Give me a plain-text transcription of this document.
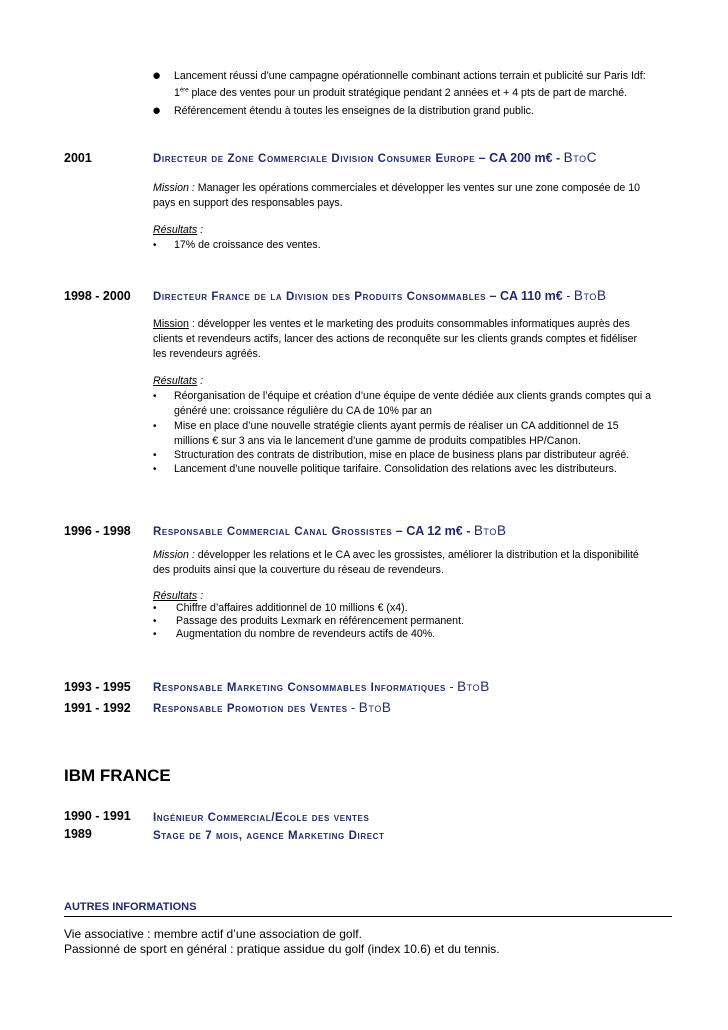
● Lancement réussi d’une campagne opérationnelle combinant actions terrain et publicité sur Paris Idf:
1ère place des ventes pour un produit stratégique pendant 2 années et + 4 pts de part de marché.
● Référencement étendu à toutes les enseignes de la distribution grand public.
2001	Directeur de Zone Commerciale Division Consumer Europe – CA 200 m€ - BtoC
Mission : Manager les opérations commerciales et développer les ventes sur une zone composée de 10
pays en support des responsables pays.
Résultats :
• 17% de croissance des ventes.
1998 - 2000 Directeur France de la Division des Produits Consommables – CA 110 m€ - BtoB
Mission : développer les ventes et le marketing des produits consommables informatiques auprès des
clients et revendeurs actifs, lancer des actions de reconquête sur les clients grands comptes et fidéliser
les revendeurs agréés.
Résultats :
• Réorganisation de l’équipe et création d’une équipe de vente dédiée aux clients grands comptes qui a
généré une: croissance régulière du CA de 10% par an
• Mise en place d’une nouvelle stratégie clients ayant permis de réaliser un CA additionnel de 15
millions € sur 3 ans via le lancement d’une gamme de produits compatibles HP/Canon.
• Structuration des contrats de distribution, mise en place de business plans par distributeur agréé.
• Lancement d’une nouvelle politique tarifaire. Consolidation des relations avec les distributeurs.
1996 - 1998 Responsable Commercial Canal Grossistes – CA 12 m€ - BtoB
Mission : développer les relations et le CA avec les grossistes, améliorer la distribution et la disponibilité
des produits ainsi que la couverture du réseau de revendeurs.
Résultats :
• Chiffre d’affaires additionnel de 10 millions € (x4).
• Passage des produits Lexmark en référencement permanent.
• Augmentation du nombre de revendeurs actifs de 40%.
1993 - 1995 Responsable Marketing Consommables Informatiques - BtoB
1991 - 1992 Responsable Promotion des Ventes - BtoB
IBM FRANCE
1990 - 1991 Ingénieur Commercial/Ecole des ventes
1989	Stage de 7 mois, agence Marketing Direct
AUTRES INFORMATIONS
Vie associative : membre actif d’une association de golf.
Passionné de sport en général : pratique assidue du golf (index 10.6) et du tennis.
